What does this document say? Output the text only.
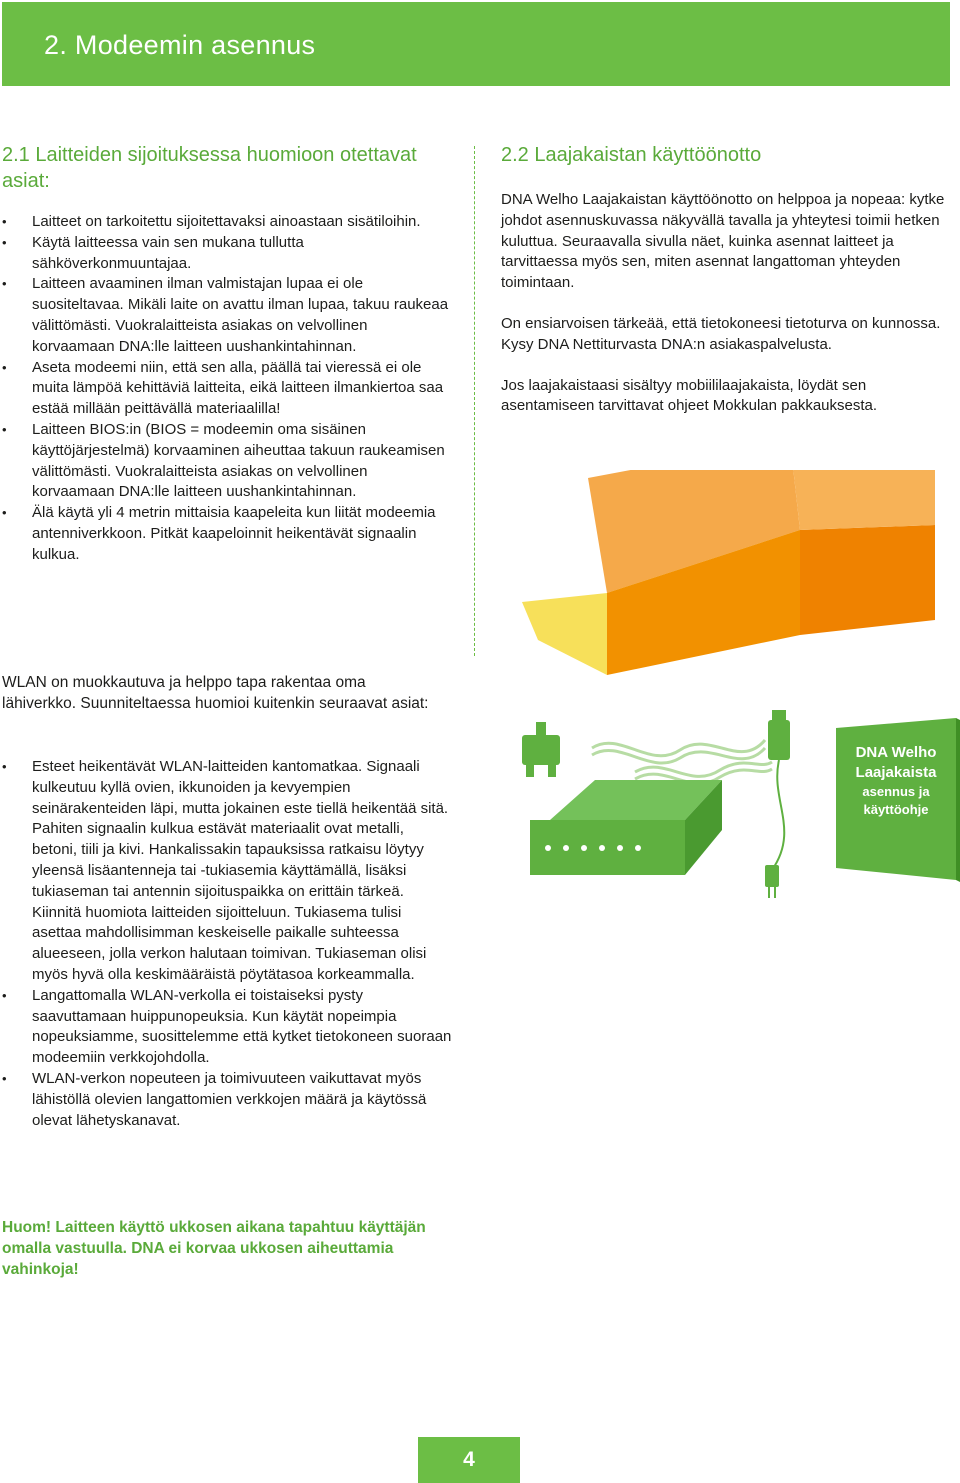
2. Modeemin asennus
2.1 Laitteiden sijoituksessa huomioon otettavat asiat:
• Laitteet on tarkoitettu sijoitettavaksi ainoastaan sisätiloihin.
• Käytä laitteessa vain sen mukana tullutta sähköverkonmuuntajaa.
• Laitteen avaaminen ilman valmistajan lupaa ei ole suositeltavaa. Mikäli laite on avattu ilman lupaa, takuu raukeaa välittömästi. Vuokralaitteista asiakas on velvollinen korvaamaan DNA:lle laitteen uushankintahinnan.
• Aseta modeemi niin, että sen alla, päällä tai vieressä ei ole muita lämpöä kehittäviä laitteita, eikä laitteen ilmankiertoa saa estää millään peittävällä materiaalilla!
• Laitteen BIOS:in (BIOS = modeemin oma sisäinen käyttöjärjestelmä) korvaaminen aiheuttaa takuun raukeamisen välittömästi. Vuokralaitteista asiakas on velvollinen korvaamaan DNA:lle laitteen uushankintahinnan.
• Älä käytä yli 4 metrin mittaisia kaapeleita kun liität modeemia antenniverkkoon. Pitkät kaapeloinnit heikentävät signaalin kulkua.

WLAN on muokkautuva ja helppo tapa rakentaa oma lähiverkko. Suunniteltaessa huomioi kuitenkin seuraavat asiat:

• Esteet heikentävät WLAN-laitteiden kantomatkaa. Signaali kulkeutuu kyllä ovien, ikkunoiden ja kevyempien seinärakenteiden läpi, mutta jokainen este tiellä heikentää sitä. Pahiten signaalin kulkua estävät materiaalit ovat metalli, betoni, tiili ja kivi. Hankalissakin tapauksissa ratkaisu löytyy yleensä lisäantenneja tai -tukiasemia käyttämällä, lisäksi tukiaseman tai antennin sijoituspaikka on erittäin tärkeä. Kiinnitä huomiota laitteiden sijoitteluun. Tukiasema tulisi asettaa mahdollisimman keskeiselle paikalle suhteessa alueeseen, jolla verkon halutaan toimivan. Tukiaseman olisi myös hyvä olla keskimääräistä pöytätasoa korkeammalla.
• Langattomalla WLAN-verkolla ei toistaiseksi pysty saavuttamaan huippunopeuksia. Kun käytät nopeimpia nopeuksiamme, suosittelemme että kytket tietokoneen suoraan modeemiin verkkojohdolla.
• WLAN-verkon nopeuteen ja toimivuuteen vaikuttavat myös lähistöllä olevien langattomien verkkojen määrä ja käytössä olevat lähetyskanavat.

Huom! Laitteen käyttö ukkosen aikana tapahtuu käyttäjän omalla vastuulla. DNA ei korvaa ukkosen aiheuttamia vahinkoja!

2.2 Laajakaistan käyttöönotto

DNA Welho Laajakaistan käyttöönotto on helppoa ja nopeaa: kytke johdot asennuskuvassa näkyvällä tavalla ja yhteytesi toimii hetken kuluttua. Seuraavalla sivulla näet, kuinka asennat laitteet ja tarvittaessa myös sen, miten asennat langattoman yhteyden toimintaan.

On ensiarvoisen tärkeää, että tietokoneesi tietoturva on kunnossa. Kysy DNA Nettiturvasta DNA:n asiakaspalvelusta.

Jos laajakaistaasi sisältyy mobiililaajakaista, löydät sen asentamiseen tarvittavat ohjeet Mokkulan pakkauksesta.

DNA Welho Laajakaista
asennus ja käyttöohje
4
